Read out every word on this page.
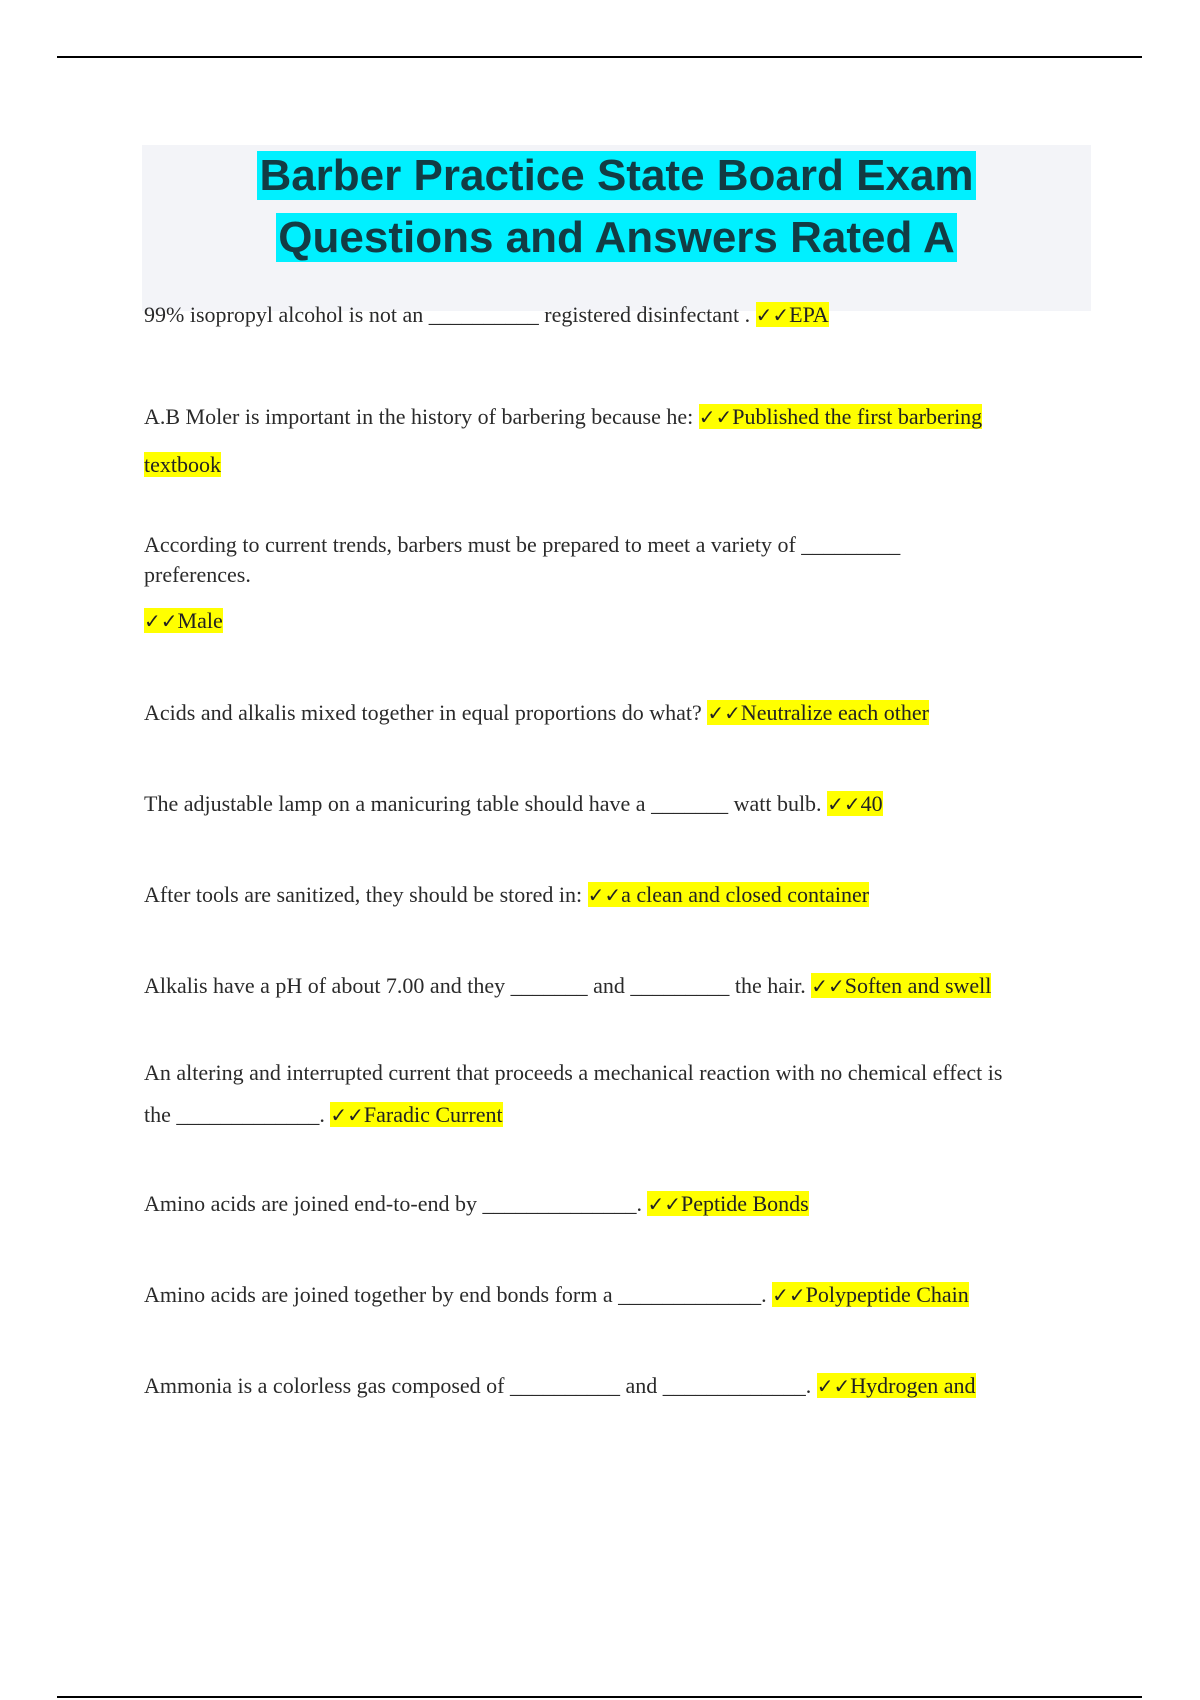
Barber Practice State Board Exam
Questions and Answers Rated A
99% isopropyl alcohol is not an __________ registered disinfectant . ✓✓EPA
A.B Moler is important in the history of barbering because he: ✓✓Published the first barbering
textbook
According to current trends, barbers must be prepared to meet a variety of _________
preferences.
✓✓Male
Acids and alkalis mixed together in equal proportions do what? ✓✓Neutralize each other
The adjustable lamp on a manicuring table should have a _______ watt bulb. ✓✓40
After tools are sanitized, they should be stored in: ✓✓a clean and closed container
Alkalis have a pH of about 7.00 and they _______ and _________ the hair. ✓✓Soften and swell
An altering and interrupted current that proceeds a mechanical reaction with no chemical effect is
the _____________. ✓✓Faradic Current
Amino acids are joined end-to-end by ______________. ✓✓Peptide Bonds
Amino acids are joined together by end bonds form a _____________. ✓✓Polypeptide Chain
Ammonia is a colorless gas composed of __________ and _____________. ✓✓Hydrogen and
